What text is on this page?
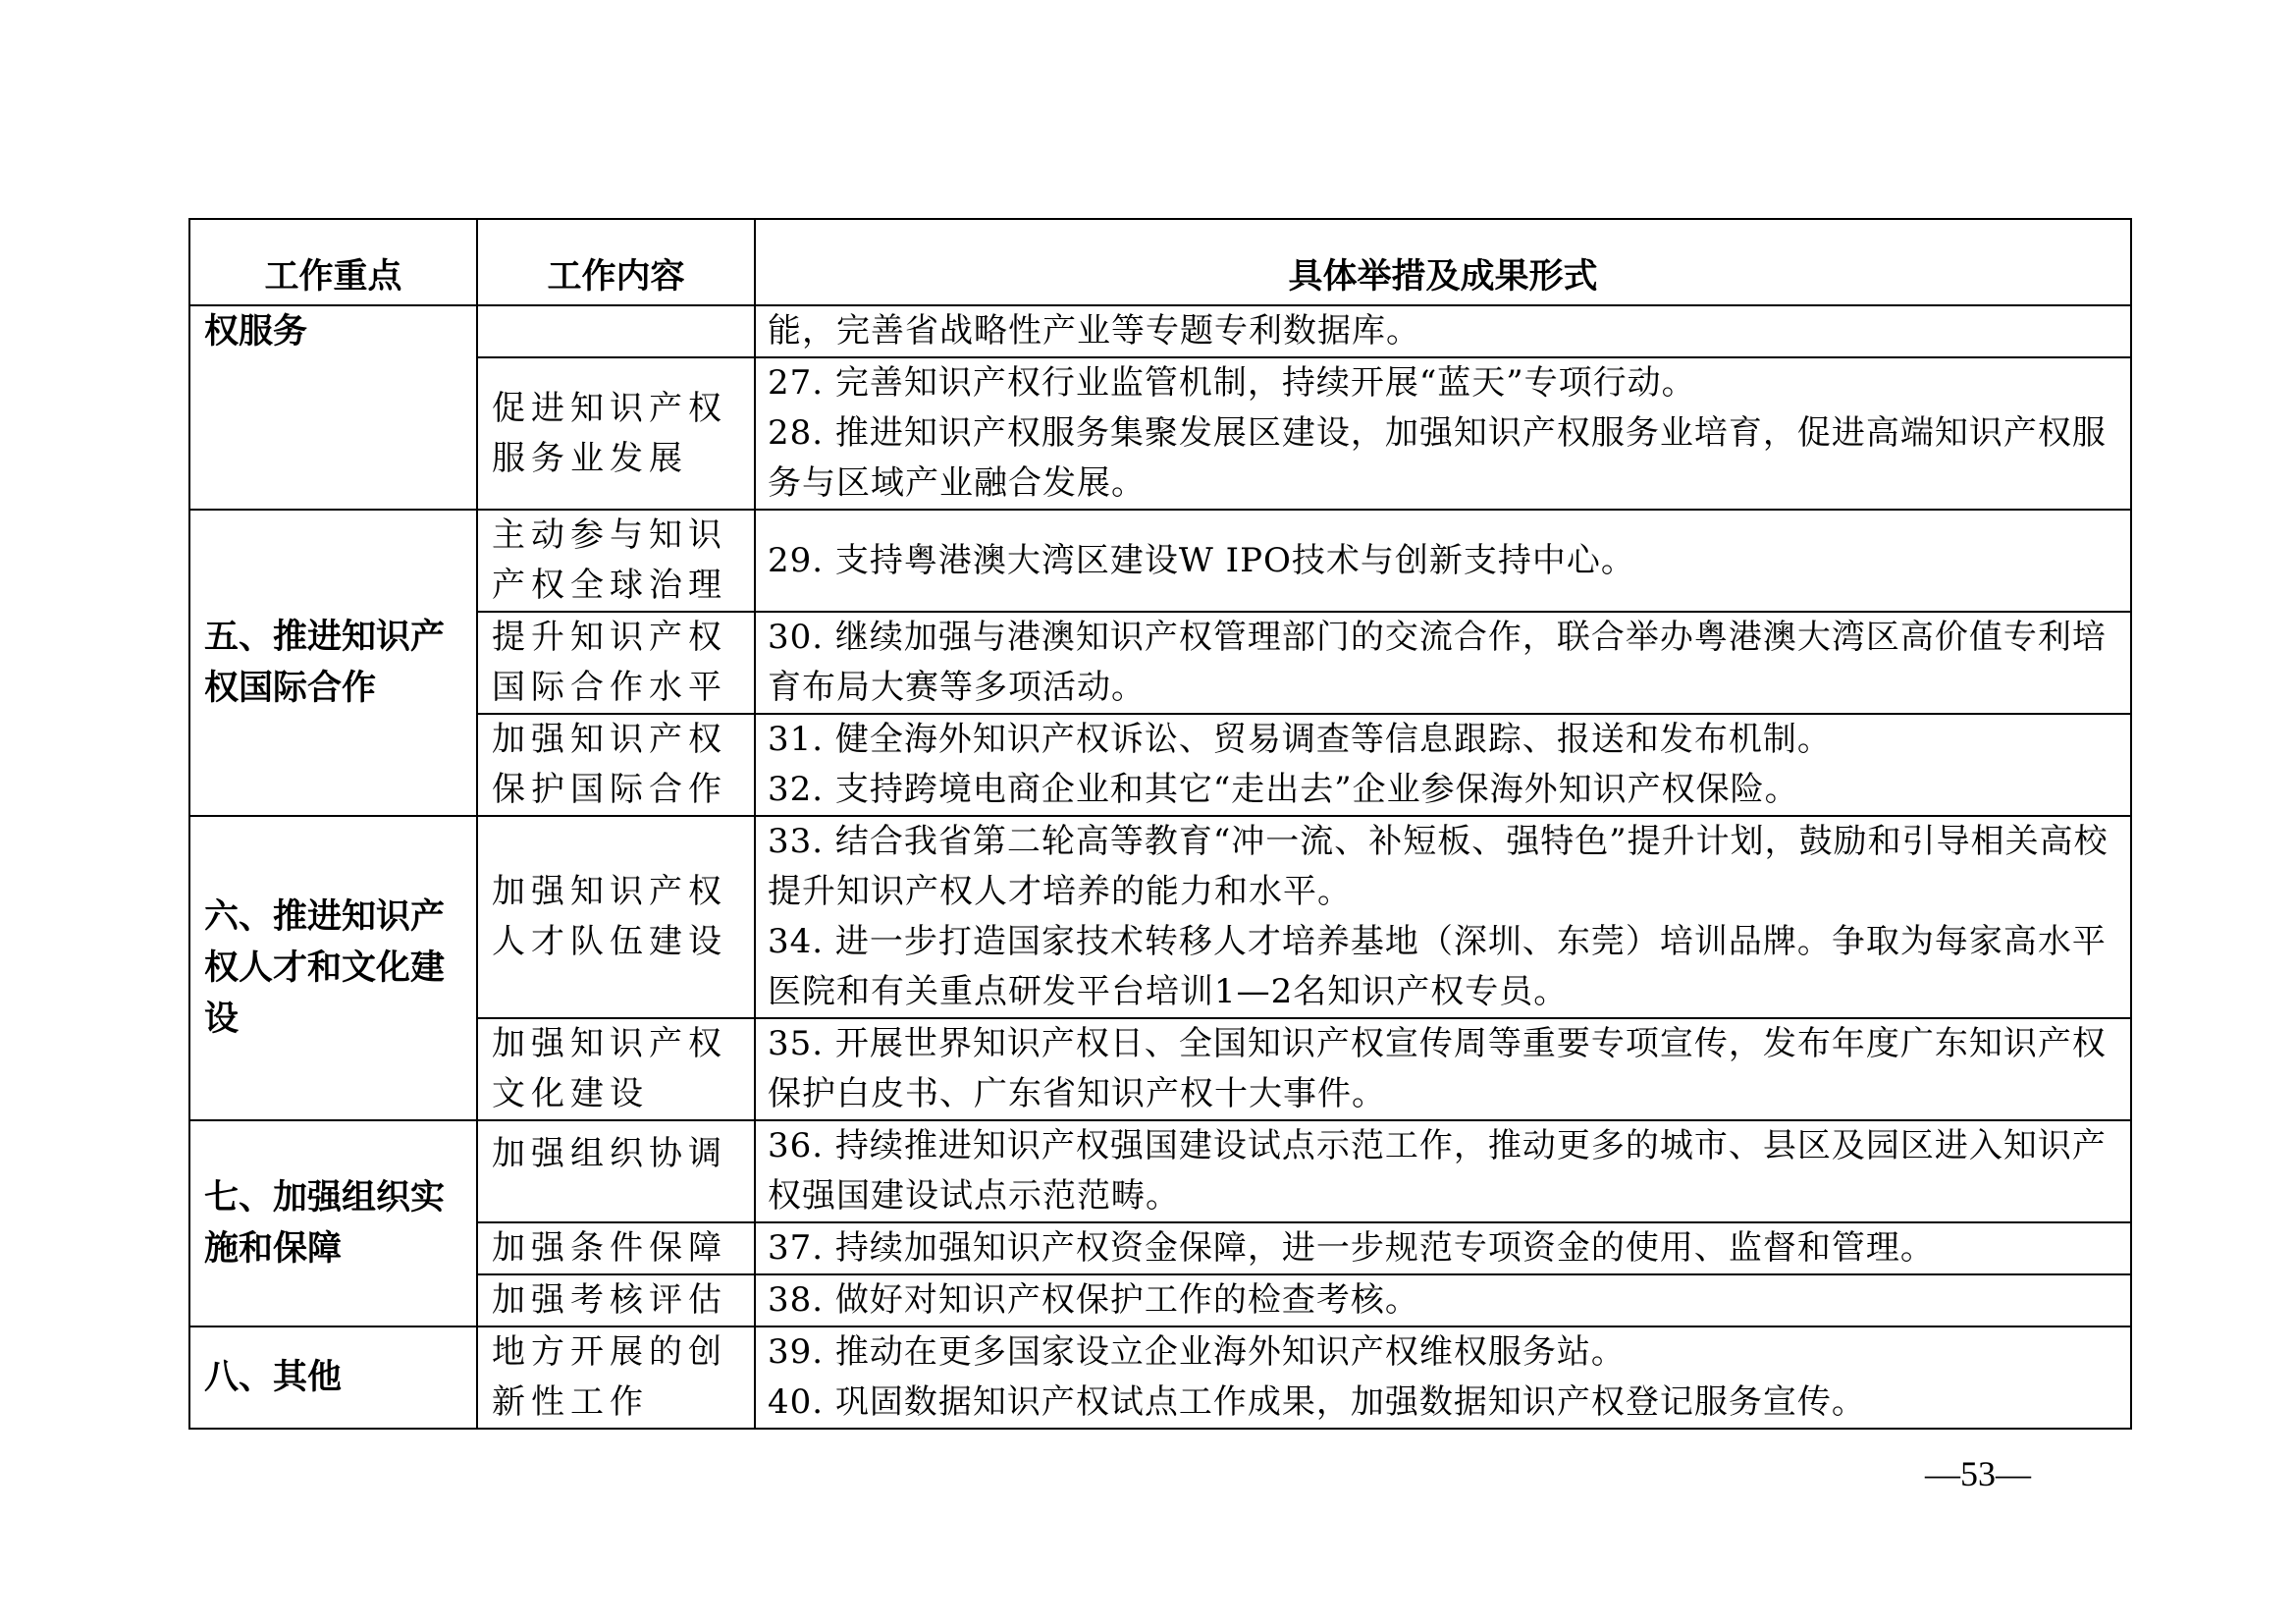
工作重点	工作内容	具体举措及成果形式
权服务		能，完善省战略性产业等专题专利数据库。

	促进知识产权服务业发展	27. 完善知识产权行业监管机制，持续开展“蓝天”专项行动。
28. 推进知识产权服务集聚发展区建设，加强知识产权服务业培育，促进高端知识产权服务与区域产业融合发展。

五、推进知识产权国际合作	主动参与知识产权全球治理	29. 支持粤港澳大湾区建设W IPO技术与创新支持中心。

	提升知识产权国际合作水平	30. 继续加强与港澳知识产权管理部门的交流合作，联合举办粤港澳大湾区高价值专利培育布局大赛等多项活动。

	加强知识产权保护国际合作	31. 健全海外知识产权诉讼、贸易调查等信息跟踪、报送和发布机制。
32. 支持跨境电商企业和其它“走出去”企业参保海外知识产权保险。

六、推进知识产权人才和文化建设	加强知识产权人才队伍建设	33. 结合我省第二轮高等教育“冲一流、补短板、强特色”提升计划，鼓励和引导相关高校提升知识产权人才培养的能力和水平。
34. 进一步打造国家技术转移人才培养基地（深圳、东莞）培训品牌。争取为每家高水平医院和有关重点研发平台培训1—2名知识产权专员。

	加强知识产权文化建设	35. 开展世界知识产权日、全国知识产权宣传周等重要专项宣传，发布年度广东知识产权保护白皮书、广东省知识产权十大事件。

七、加强组织实施和保障	加强组织协调	36. 持续推进知识产权强国建设试点示范工作，推动更多的城市、县区及园区进入知识产权强国建设试点示范范畴。

	加强条件保障	37. 持续加强知识产权资金保障，进一步规范专项资金的使用、监督和管理。

	加强考核评估	38. 做好对知识产权保护工作的检查考核。

八、其他	地方开展的创新性工作	39. 推动在更多国家设立企业海外知识产权维权服务站。
40. 巩固数据知识产权试点工作成果，加强数据知识产权登记服务宣传。
—53—
